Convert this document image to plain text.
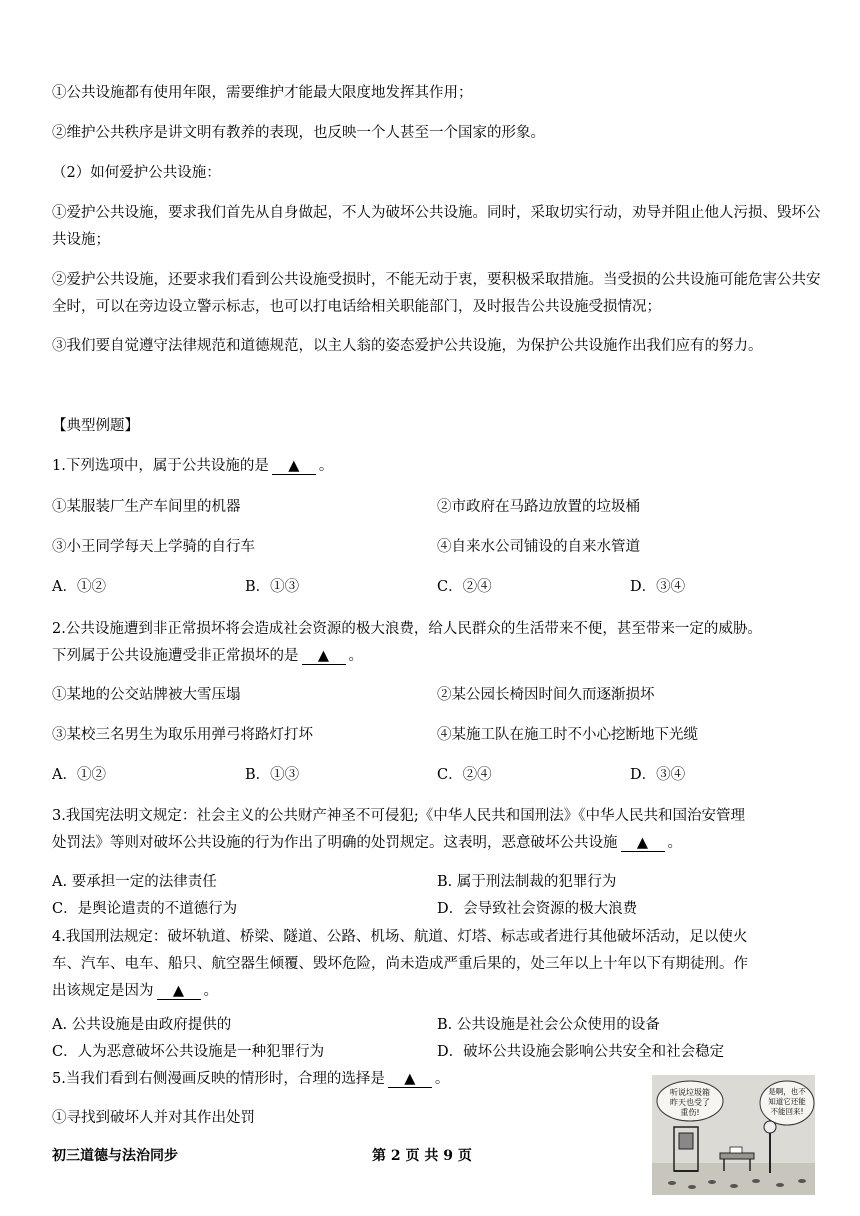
①公共设施都有使用年限，需要维护才能最大限度地发挥其作用；
②维护公共秩序是讲文明有教养的表现，也反映一个人甚至一个国家的形象。
（2）如何爱护公共设施：
①爱护公共设施，要求我们首先从自身做起，不人为破坏公共设施。同时，采取切实行动，劝导并阻止他人污损、毁坏公共设施；
②爱护公共设施，还要求我们看到公共设施受损时，不能无动于衷，要积极采取措施。当受损的公共设施可能危害公共安全时，可以在旁边设立警示标志，也可以打电话给相关职能部门，及时报告公共设施受损情况；
③我们要自觉遵守法律规范和道德规范，以主人翁的姿态爱护公共设施，为保护公共设施作出我们应有的努力。
【典型例题】
1.下列选项中，属于公共设施的是 ▲ 。
①某服装厂生产车间里的机器	②市政府在马路边放置的垃圾桶
③小王同学每天上学骑的自行车	④自来水公司铺设的自来水管道
A．①②	B．①③	C．②④	D．③④
2.公共设施遭到非正常损坏将会造成社会资源的极大浪费，给人民群众的生活带来不便，甚至带来一定的威胁。
下列属于公共设施遭受非正常损坏的是 ▲ 。
①某地的公交站牌被大雪压塌	②某公园长椅因时间久而逐渐损坏
③某校三名男生为取乐用弹弓将路灯打坏	④某施工队在施工时不小心挖断地下光缆
A．①②	B．①③	C．②④	D．③④
3.我国宪法明文规定：社会主义的公共财产神圣不可侵犯;《中华人民共和国刑法》《中华人民共和国治安管理
处罚法》等则对破坏公共设施的行为作出了明确的处罚规定。这表明，恶意破坏公共设施 ▲ 。
A. 要承担一定的法律责任	B. 属于刑法制裁的犯罪行为
C．是舆论遣责的不道德行为	D．会导致社会资源的极大浪费
4.我国刑法规定：破坏轨道、桥梁、隧道、公路、机场、航道、灯塔、标志或者进行其他破坏活动，足以使火
车、汽车、电车、船只、航空器生倾覆、毁坏危险，尚未造成严重后果的，处三年以上十年以下有期徒刑。作
出该规定是因为 ▲ 。
A. 公共设施是由政府提供的	B. 公共设施是社会公众使用的设备
C．人为恶意破坏公共设施是一种犯罪行为	D．破坏公共设施会影响公共安全和社会稳定
5.当我们看到右侧漫画反映的情形时，合理的选择是 ▲ 。
①寻找到破坏人并对其作出处罚
听说垃圾箱
昨天也受了
重伤!
是啊，也不
知道它还能
不能回来!
初三道德与法治同步	第 2 页 共 9 页
